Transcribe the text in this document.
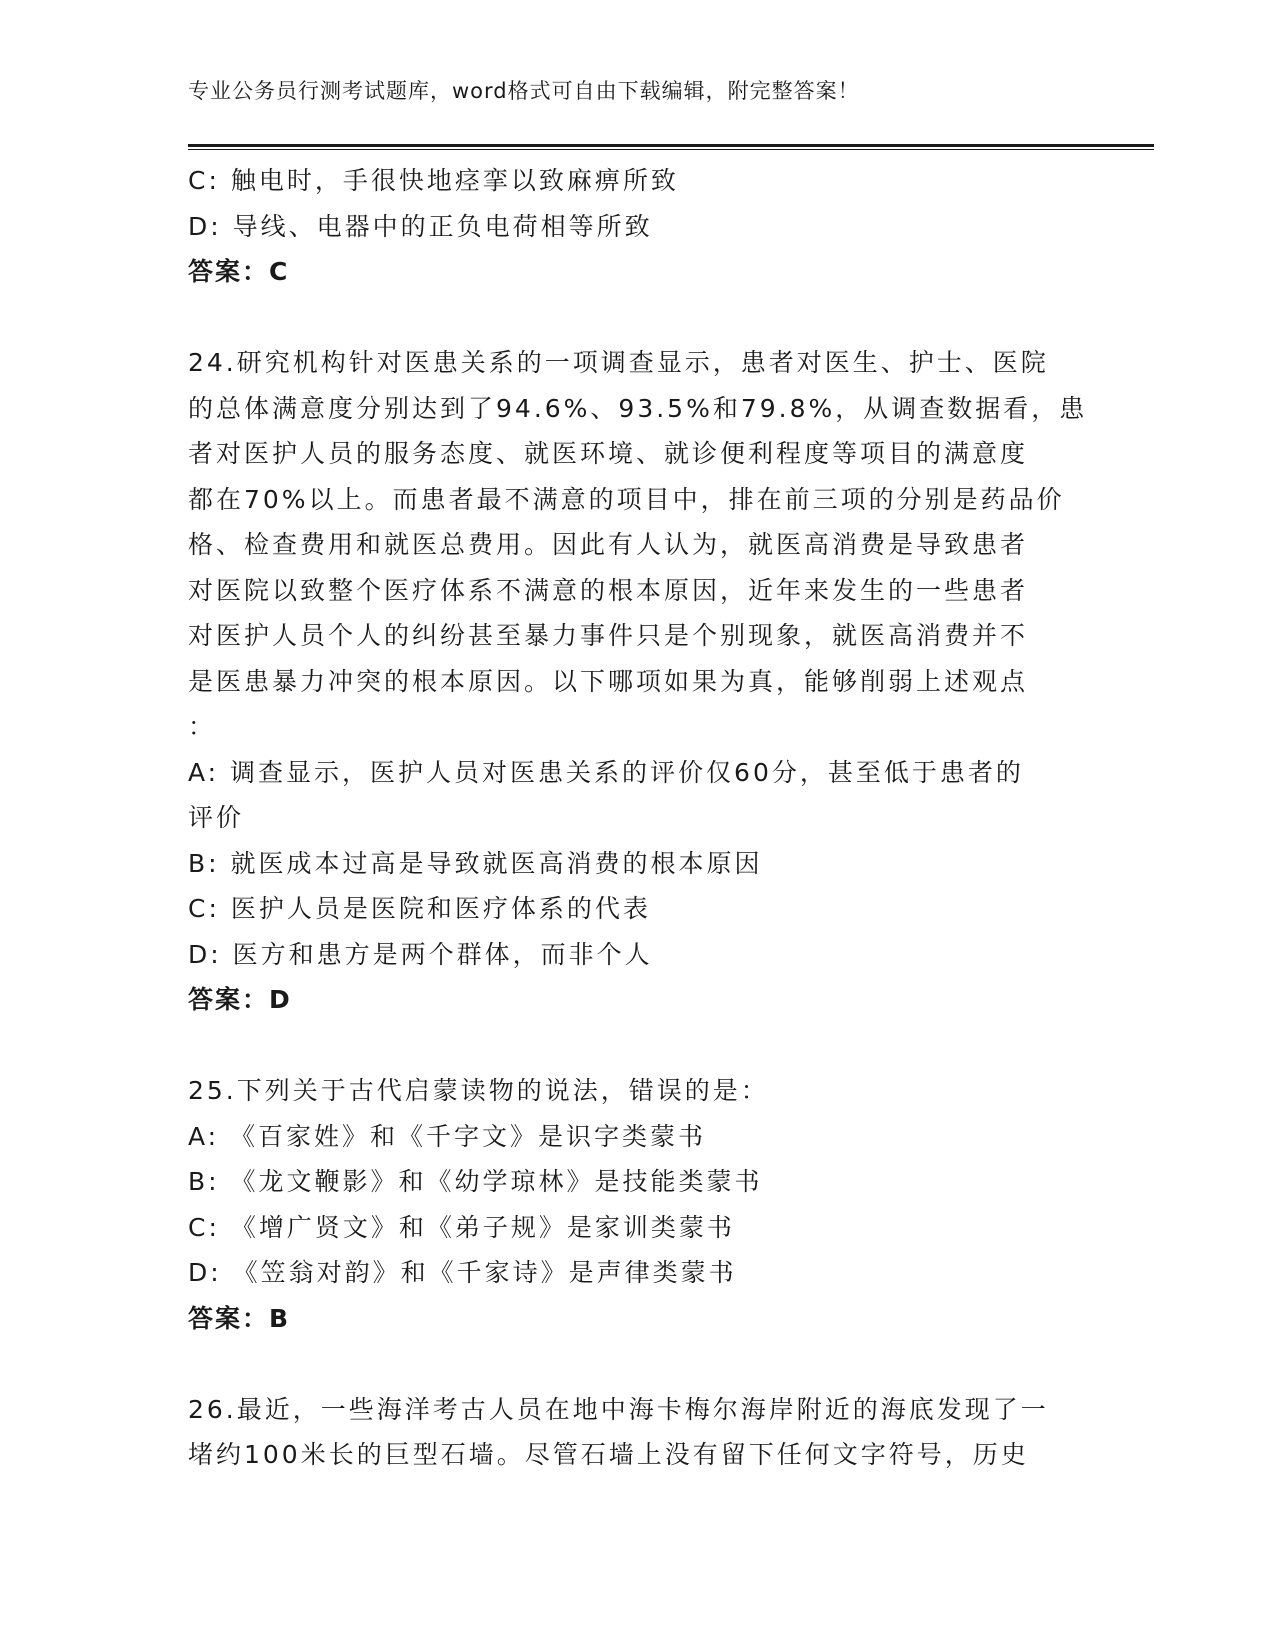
专业公务员行测考试题库，word格式可自由下载编辑，附完整答案！
C: 触电时，手很快地痉挛以致麻痹所致
D: 导线、电器中的正负电荷相等所致
答案：C
24.研究机构针对医患关系的一项调查显示，患者对医生、护士、医院
的总体满意度分别达到了94.6%、93.5%和79.8%，从调查数据看，患
者对医护人员的服务态度、就医环境、就诊便利程度等项目的满意度
都在70%以上。而患者最不满意的项目中，排在前三项的分别是药品价
格、检查费用和就医总费用。因此有人认为，就医高消费是导致患者
对医院以致整个医疗体系不满意的根本原因，近年来发生的一些患者
对医护人员个人的纠纷甚至暴力事件只是个别现象，就医高消费并不
是医患暴力冲突的根本原因。以下哪项如果为真，能够削弱上述观点
：
A: 调查显示，医护人员对医患关系的评价仅60分，甚至低于患者的
评价
B: 就医成本过高是导致就医高消费的根本原因
C: 医护人员是医院和医疗体系的代表
D: 医方和患方是两个群体，而非个人
答案：D
25.下列关于古代启蒙读物的说法，错误的是：
A: 《百家姓》和《千字文》是识字类蒙书
B: 《龙文鞭影》和《幼学琼林》是技能类蒙书
C: 《增广贤文》和《弟子规》是家训类蒙书
D: 《笠翁对韵》和《千家诗》是声律类蒙书
答案：B
26.最近，一些海洋考古人员在地中海卡梅尔海岸附近的海底发现了一
堵约100米长的巨型石墙。尽管石墙上没有留下任何文字符号，历史
